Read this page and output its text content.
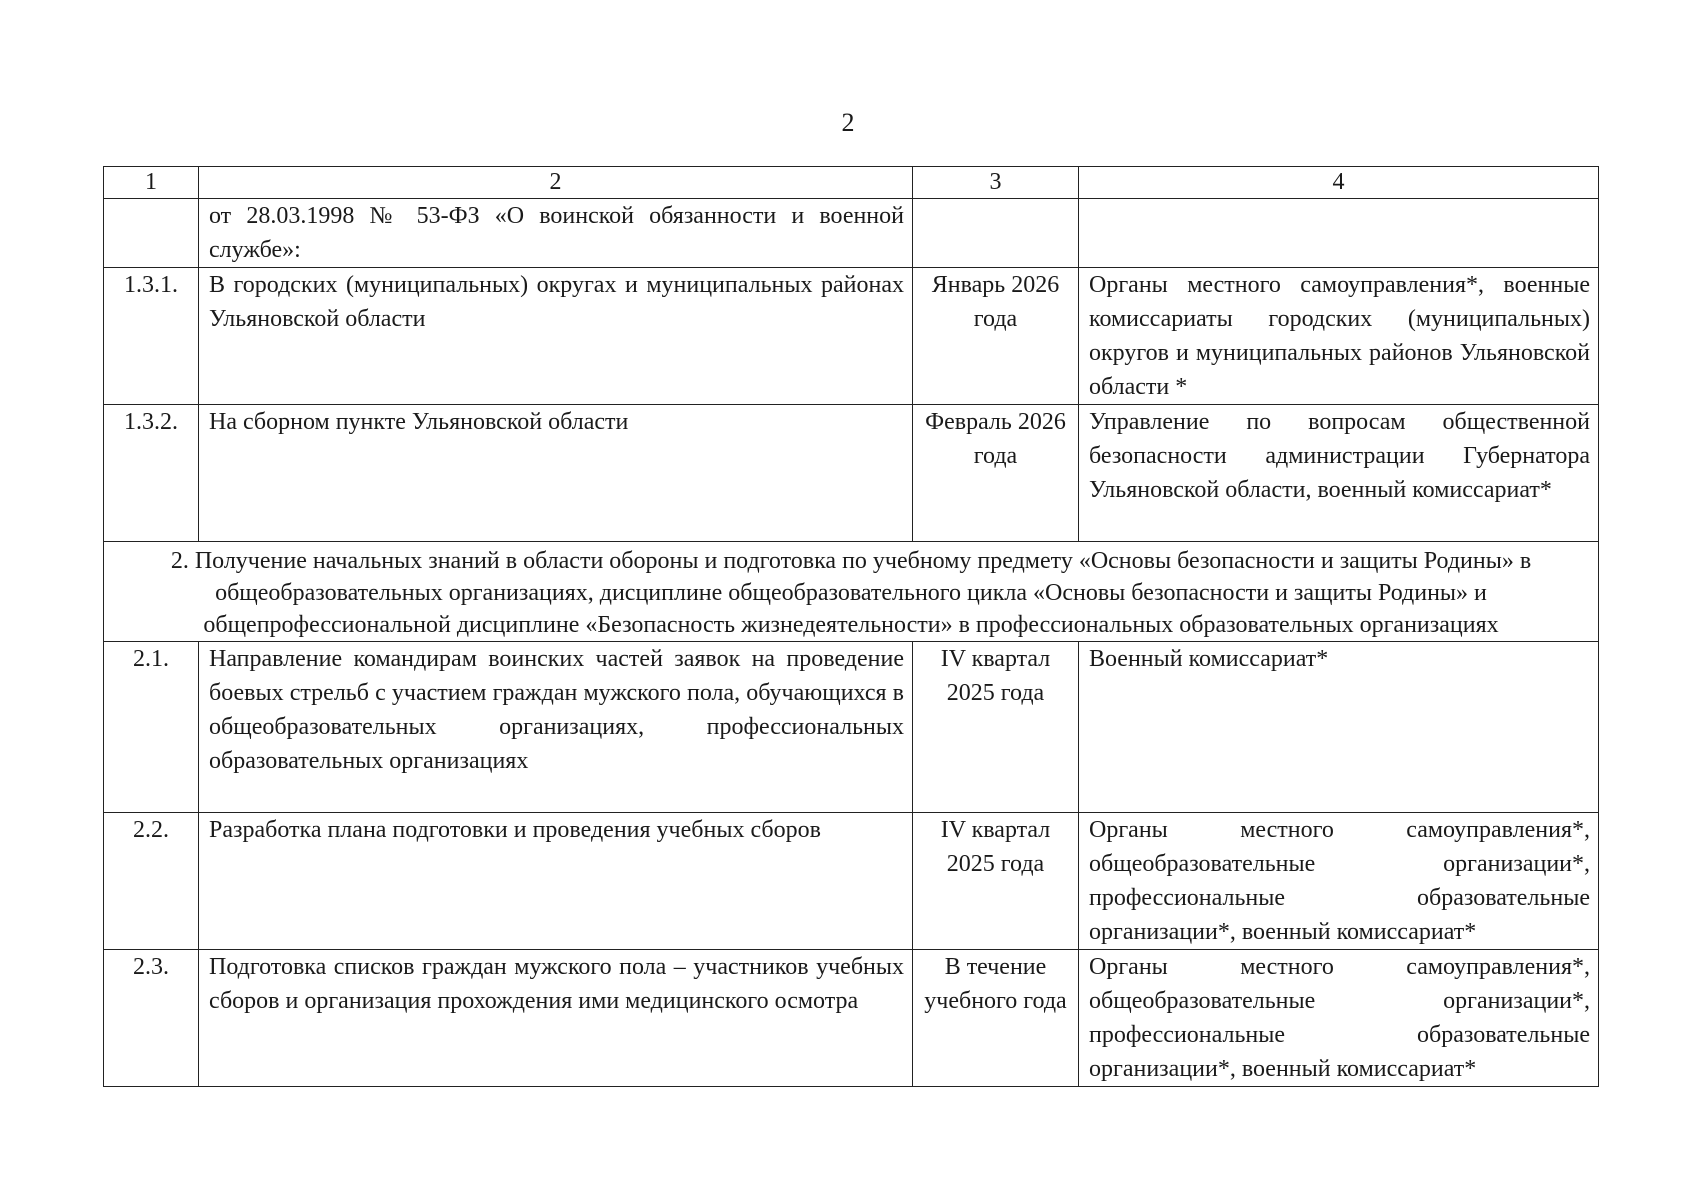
2
1	2	3	4
	от 28.03.1998 № 53-ФЗ «О воинской обязанности и военной службе»:		
1.3.1.	В городских (муниципальных) округах и муниципальных районах Ульяновской области	Январь 2026 года	Органы местного самоуправления*, военные комиссариаты городских (муниципальных) округов и муниципальных районов Ульяновской области *
1.3.2.	На сборном пункте Ульяновской области	Февраль 2026 года	Управление по вопросам общественной безопасности администрации Губернатора Ульяновской области, военный комиссариат*
2. Получение начальных знаний в области обороны и подготовка по учебному предмету «Основы безопасности и защиты Родины» в общеобразовательных организациях, дисциплине общеобразовательного цикла «Основы безопасности и защиты Родины» и общепрофессиональной дисциплине «Безопасность жизнедеятельности» в профессиональных образовательных организациях			
2.1.	Направление командирам воинских частей заявок на проведение боевых стрельб с участием граждан мужского пола, обучающихся в общеобразовательных организациях, профессиональных образовательных организациях	IV квартал 2025 года	Военный комиссариат*
2.2.	Разработка плана подготовки и проведения учебных сборов	IV квартал 2025 года	Органы местного самоуправления*, общеобразовательные организации*, профессиональные образовательные организации*, военный комиссариат*
2.3.	Подготовка списков граждан мужского пола – участников учебных сборов и организация прохождения ими медицинского осмотра	В течение учебного года	Органы местного самоуправления*, общеобразовательные организации*, профессиональные образовательные организации*, военный комиссариат*
